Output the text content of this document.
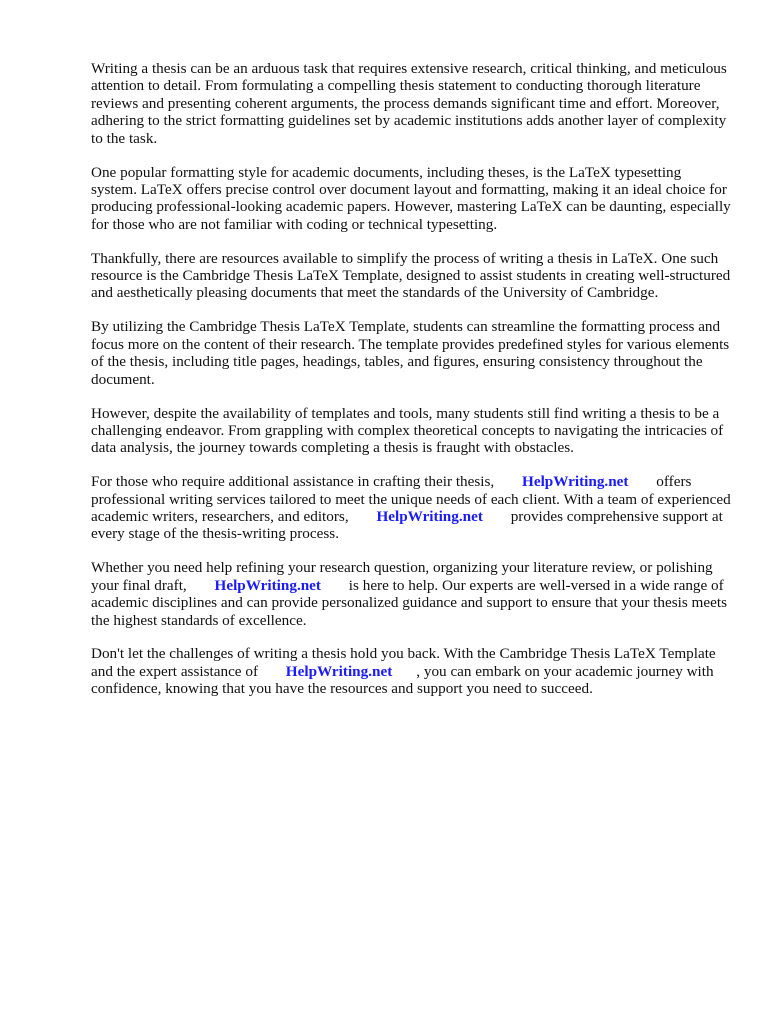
Writing a thesis can be an arduous task that requires extensive research, critical thinking, and meticulous attention to detail. From formulating a compelling thesis statement to conducting thorough literature reviews and presenting coherent arguments, the process demands significant time and effort. Moreover, adhering to the strict formatting guidelines set by academic institutions adds another layer of complexity to the task.

One popular formatting style for academic documents, including theses, is the LaTeX typesetting system. LaTeX offers precise control over document layout and formatting, making it an ideal choice for producing professional-looking academic papers. However, mastering LaTeX can be daunting, especially for those who are not familiar with coding or technical typesetting.

Thankfully, there are resources available to simplify the process of writing a thesis in LaTeX. One such resource is the Cambridge Thesis LaTeX Template, designed to assist students in creating well-structured and aesthetically pleasing documents that meet the standards of the University of Cambridge.

By utilizing the Cambridge Thesis LaTeX Template, students can streamline the formatting process and focus more on the content of their research. The template provides predefined styles for various elements of the thesis, including title pages, headings, tables, and figures, ensuring consistency throughout the document.

However, despite the availability of templates and tools, many students still find writing a thesis to be a challenging endeavor. From grappling with complex theoretical concepts to navigating the intricacies of data analysis, the journey towards completing a thesis is fraught with obstacles.

For those who require additional assistance in crafting their thesis, HelpWriting.net offers professional writing services tailored to meet the unique needs of each client. With a team of experienced academic writers, researchers, and editors, HelpWriting.net provides comprehensive support at every stage of the thesis-writing process.

Whether you need help refining your research question, organizing your literature review, or polishing your final draft, HelpWriting.net is here to help. Our experts are well-versed in a wide range of academic disciplines and can provide personalized guidance and support to ensure that your thesis meets the highest standards of excellence.

Don't let the challenges of writing a thesis hold you back. With the Cambridge Thesis LaTeX Template and the expert assistance of HelpWriting.net , you can embark on your academic journey with confidence, knowing that you have the resources and support you need to succeed.
